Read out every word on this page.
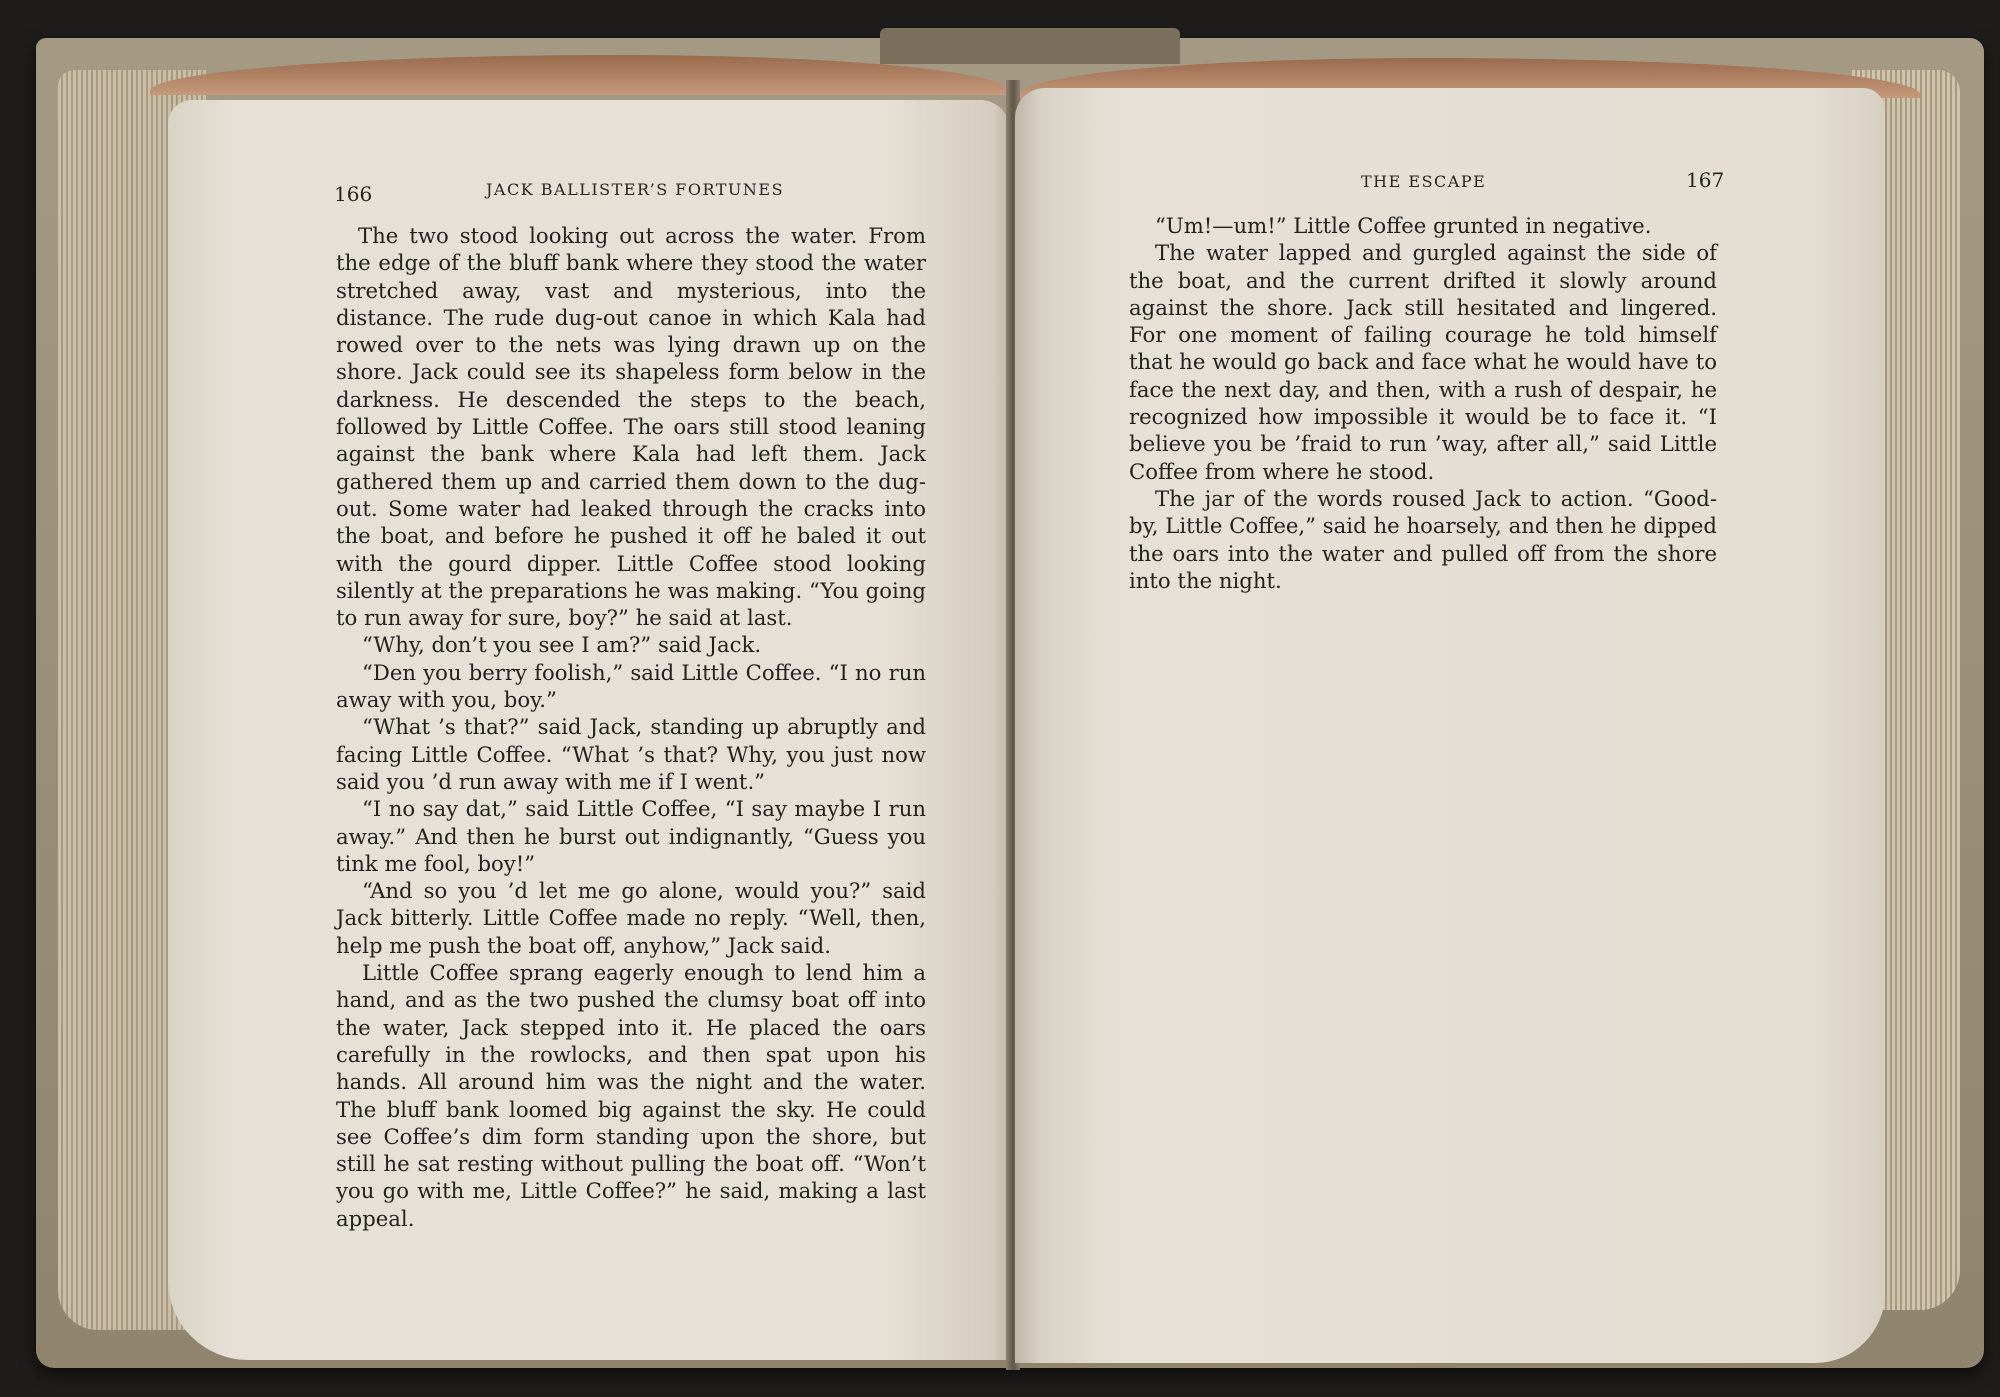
166	JACK BALLISTER’S FORTUNES

The two stood looking out across the water. From the edge of the bluff bank where they stood the water stretched away, vast and mysterious, into the distance. The rude dug-out canoe in which Kala had rowed over to the nets was lying drawn up on the shore. Jack could see its shapeless form below in the darkness. He descended the steps to the beach, followed by Little Coffee. The oars still stood leaning against the bank where Kala had left them. Jack gathered them up and carried them down to the dug-out. Some water had leaked through the cracks into the boat, and before he pushed it off he baled it out with the gourd dipper. Little Coffee stood looking silently at the preparations he was making. “You going to run away for sure, boy?” he said at last.

“Why, don’t you see I am?” said Jack.

“Den you berry foolish,” said Little Coffee. “I no run away with you, boy.”

“What ’s that?” said Jack, standing up abruptly and facing Little Coffee. “What ’s that? Why, you just now said you ’d run away with me if I went.”

“I no say dat,” said Little Coffee, “I say maybe I run away.” And then he burst out indignantly, “Guess you tink me fool, boy!”

“And so you ’d let me go alone, would you?” said Jack bitterly. Little Coffee made no reply. “Well, then, help me push the boat off, anyhow,” Jack said.

Little Coffee sprang eagerly enough to lend him a hand, and as the two pushed the clumsy boat off into the water, Jack stepped into it. He placed the oars carefully in the rowlocks, and then spat upon his hands. All around him was the night and the water. The bluff bank loomed big against the sky. He could see Coffee’s dim form standing upon the shore, but still he sat resting without pulling the boat off. “Won’t you go with me, Little Coffee?” he said, making a last appeal.

THE ESCAPE	167

“Um!—um!” Little Coffee grunted in negative.

The water lapped and gurgled against the side of the boat, and the current drifted it slowly around against the shore. Jack still hesitated and lingered. For one moment of failing courage he told himself that he would go back and face what he would have to face the next day, and then, with a rush of despair, he recognized how impossible it would be to face it. “I believe you be ’fraid to run ’way, after all,” said Little Coffee from where he stood.

The jar of the words roused Jack to action. “Good-by, Little Coffee,” said he hoarsely, and then he dipped the oars into the water and pulled off from the shore into the night.
